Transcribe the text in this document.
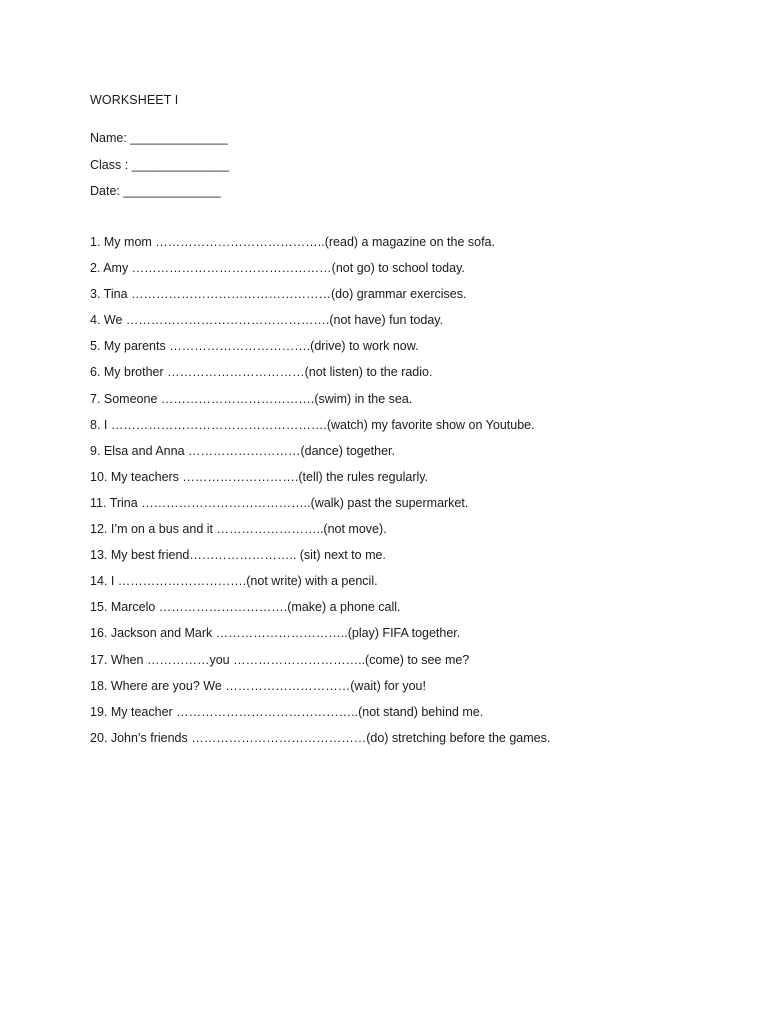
WORKSHEET I
Name: ______________
Class : ______________
Date: ______________
1. My mom …………………………………..(read) a magazine on the sofa.
2. Amy …………………………………………(not go) to school today.
3. Tina …………………………………………(do) grammar exercises.
4. We ………………………………………….(not have) fun today.
5. My parents …………………………….(drive) to work now.
6. My brother ……………………………(not listen) to the radio.
7. Someone ……………………………….(swim) in the sea.
8. I …………………………………………….(watch) my favorite show on Youtube.
9. Elsa and Anna ………………………(dance) together.
10. My teachers ……………………….(tell) the rules regularly.
11. Trina …………………………………..(walk) past the supermarket.
12. I’m on a bus and it ……………………..(not move).
13. My best friend…………………….. (sit) next to me.
14. I ………………………….(not write) with a pencil.
15. Marcelo ………………………….(make) a phone call.
16. Jackson and Mark …………………………..(play) FIFA together.
17. When ……………you …………………………..(come) to see me?
18. Where are you? We …………………………(wait) for you!
19. My teacher ……………………………………..(not stand) behind me.
20. John’s friends ……………………………………(do) stretching before the games.
